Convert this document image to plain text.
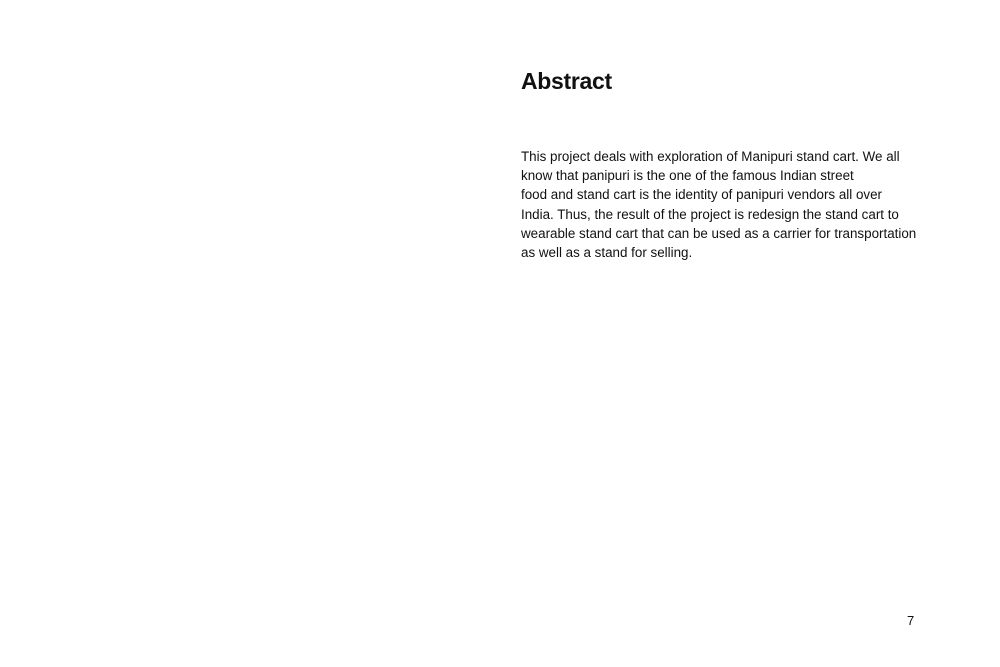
Abstract
This project deals with exploration of Manipuri stand cart. We all
know that panipuri is the one of the famous Indian street
food and stand cart is the identity of panipuri vendors all over
India. Thus, the result of the project is redesign the stand cart to
wearable stand cart that can be used as a carrier for transportation
as well as a stand for selling.
7
